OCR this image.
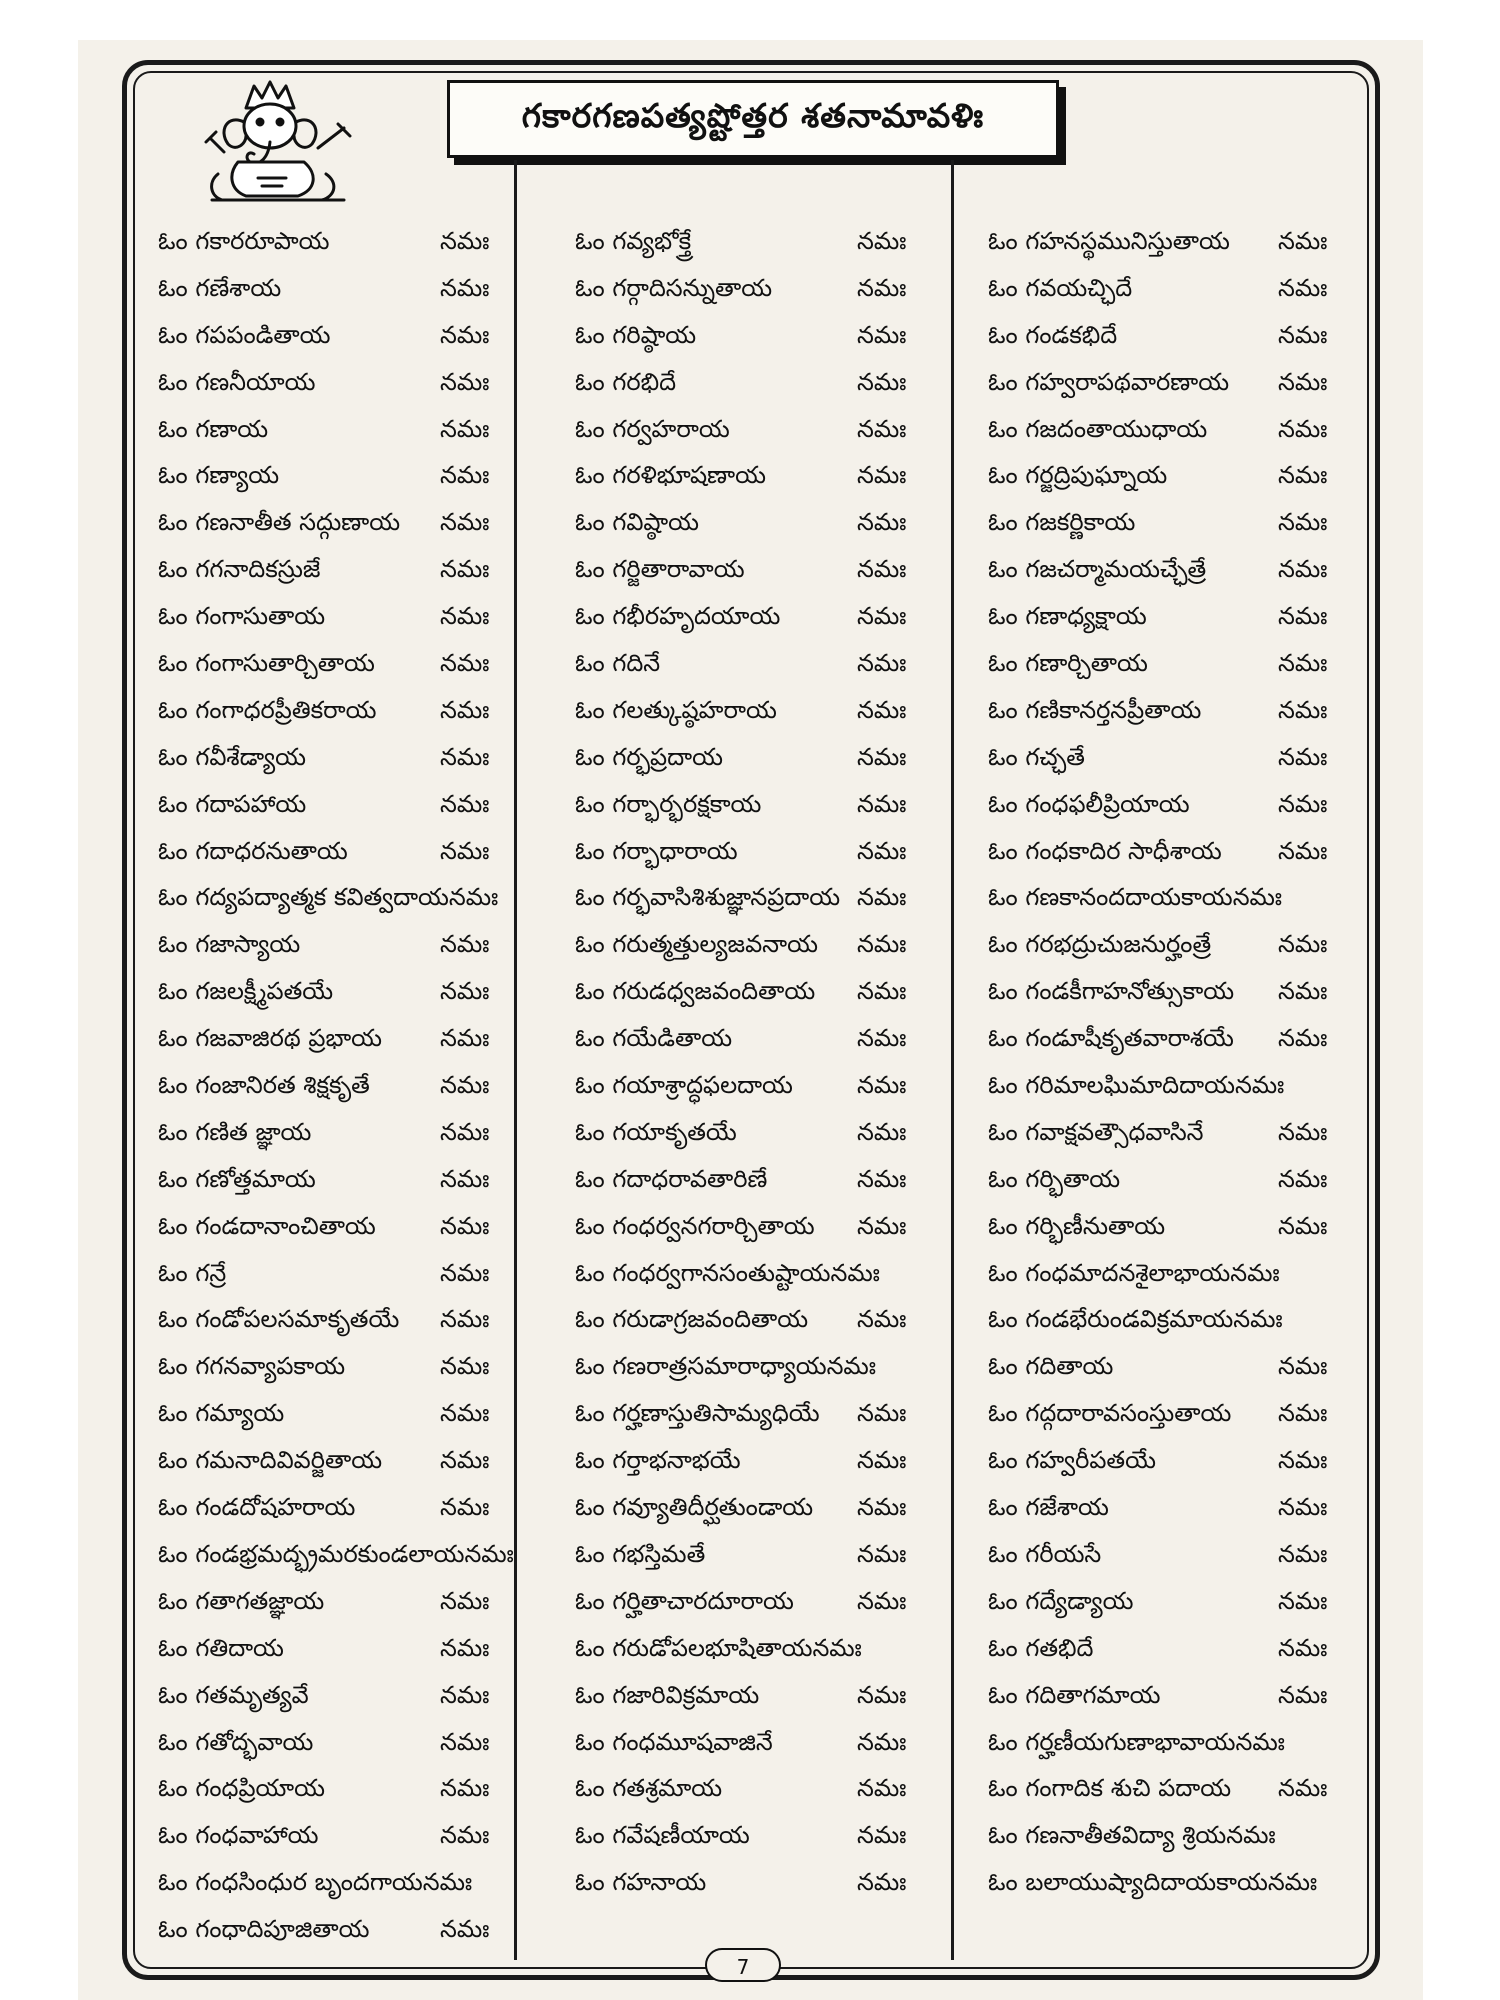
గకారగణపత్యష్టోత్తర శతనామావళిః
ఓం గకారరూపాయ	నమః
ఓం గణేశాయ	నమః
ఓం గపపండితాయ	నమః
ఓం గణనీయాయ	నమః
ఓం గణాయ	నమః
ఓం గణ్యాయ	నమః
ఓం గణనాతీత సద్గుణాయ నమః
ఓం గగనాదికస్రుజే	నమః
ఓం గంగాసుతాయ	నమః
ఓం గంగాసుతార్చితాయ	నమః
ఓం గంగాధరప్రీతికరాయ	నమః
ఓం గవీశేడ్యాయ	నమః
ఓం గదాపహాయ	నమః
ఓం గదాధరనుతాయ	నమః
ఓం గద్యపద్యాత్మక కవిత్వదాయనమః
ఓం గజాస్యాయ	నమః
ఓం గజలక్ష్మీపతయే	నమః
ఓం గజవాజిరథ ప్రభాయ నమః
ఓం గంజానిరత శిక్షకృతే	నమః
ఓం గణిత జ్ఞాయ	నమః
ఓం గణోత్తమాయ	నమః
ఓం గండదానాంచితాయ	నమః
ఓం గన్రే	నమః
ఓం గండోపలసమాకృతయే నమః
ఓం గగనవ్యాపకాయ	నమః
ఓం గమ్యాయ	నమః
ఓం గమనాదివివర్జితాయ నమః
ఓం గండదోషహరాయ	నమః
ఓం గండభ్రమద్భ్రమరకుండలాయనమః
ఓం గతాగతజ్ఞాయ	నమః
ఓం గతిదాయ	నమః
ఓం గతమృత్యవే	నమః
ఓం గతోద్భవాయ	నమః
ఓం గంధప్రియాయ	నమః
ఓం గంధవాహాయ	నమః
ఓం గంధసింధుర బృందగాయనమః
ఓం గంధాదిపూజితాయ	నమః
ఓం గవ్యభోక్త్రే	నమః
ఓం గర్గాదిసన్నుతాయ	నమః
ఓం గరిష్ఠాయ	నమః
ఓం గరభిదే	నమః
ఓం గర్వహరాయ	నమః
ఓం గరళిభూషణాయ	నమః
ఓం గవిష్ఠాయ	నమః
ఓం గర్జితారావాయ	నమః
ఓం గభీరహృదయాయ	నమః
ఓం గదినే	నమః
ఓం గలత్కుష్ఠహరాయ	నమః
ఓం గర్భప్రదాయ	నమః
ఓం గర్భార్భరక్షకాయ	నమః
ఓం గర్భాధారాయ	నమః
ఓం గర్భవాసిశిశుజ్ఞానప్రదాయ నమః
ఓం గరుత్మత్తుల్యజవనాయ నమః
ఓం గరుడధ్వజవందితాయ నమః
ఓం గయేడితాయ	నమః
ఓం గయాశ్రాద్ధఫలదాయ	నమః
ఓం గయాకృతయే	నమః
ఓం గదాధరావతారిణే	నమః
ఓం గంధర్వనగరార్చితాయ నమః
ఓం గంధర్వగానసంతుష్టాయనమః
ఓం గరుడాగ్రజవందితాయ నమః
ఓం గణరాత్రసమారాధ్యాయనమః
ఓం గర్హణాస్తుతిసామ్యధియే నమః
ఓం గర్తాభనాభయే	నమః
ఓం గవ్యూతిదీర్ఘతుండాయ నమః
ఓం గభస్తిమతే	నమః
ఓం గర్హితాచారదూరాయ	నమః
ఓం గరుడోపలభూషితాయనమః
ఓం గజారివిక్రమాయ	నమః
ఓం గంధమూషవాజినే	నమః
ఓం గతశ్రమాయ	నమః
ఓం గవేషణీయాయ	నమః
ఓం గహనాయ	నమః
ఓం గహనస్థమునిస్తుతాయ నమః
ఓం గవయచ్ఛిదే	నమః
ఓం గండకభిదే	నమః
ఓం గహ్వరాపథవారణాయ నమః
ఓం గజదంతాయుధాయ	నమః
ఓం గర్జద్రిపుఘ్నాయ	నమః
ఓం గజకర్ణికాయ	నమః
ఓం గజచర్మామయచ్ఛేత్రే	నమః
ఓం గణాధ్యక్షాయ	నమః
ఓం గణార్చితాయ	నమః
ఓం గణికానర్తనప్రీతాయ	నమః
ఓం గచ్ఛతే	నమః
ఓం గంధఫలీప్రియాయ	నమః
ఓం గంధకాదిర సాధీశాయ నమః
ఓం గణకానందదాయకాయనమః
ఓం గరభద్రుచుజనుర్హంత్రే	నమః
ఓం గండకీగాహనోత్సుకాయ నమః
ఓం గండూషీకృతవారాశయే నమః
ఓం గరిమాలఘిమాదిదాయనమః
ఓం గవాక్షవత్సౌధవాసినే	నమః
ఓం గర్భితాయ	నమః
ఓం గర్భిణీనుతాయ	నమః
ఓం గంధమాదనశైలాభాయనమః
ఓం గండభేరుండవిక్రమాయనమః
ఓం గదితాయ	నమః
ఓం గద్గదారావసంస్తుతాయ నమః
ఓం గహ్వరీపతయే	నమః
ఓం గజేశాయ	నమః
ఓం గరీయసే	నమః
ఓం గద్యేడ్యాయ	నమః
ఓం గతభిదే	నమః
ఓం గదితాగమాయ	నమః
ఓం గర్హణీయగుణాభావాయనమః
ఓం గంగాదిక శుచి పదాయ నమః
ఓం గణనాతీతవిద్యా శ్రియనమః
ఓం బలాయుష్యాదిదాయకాయనమః
7
